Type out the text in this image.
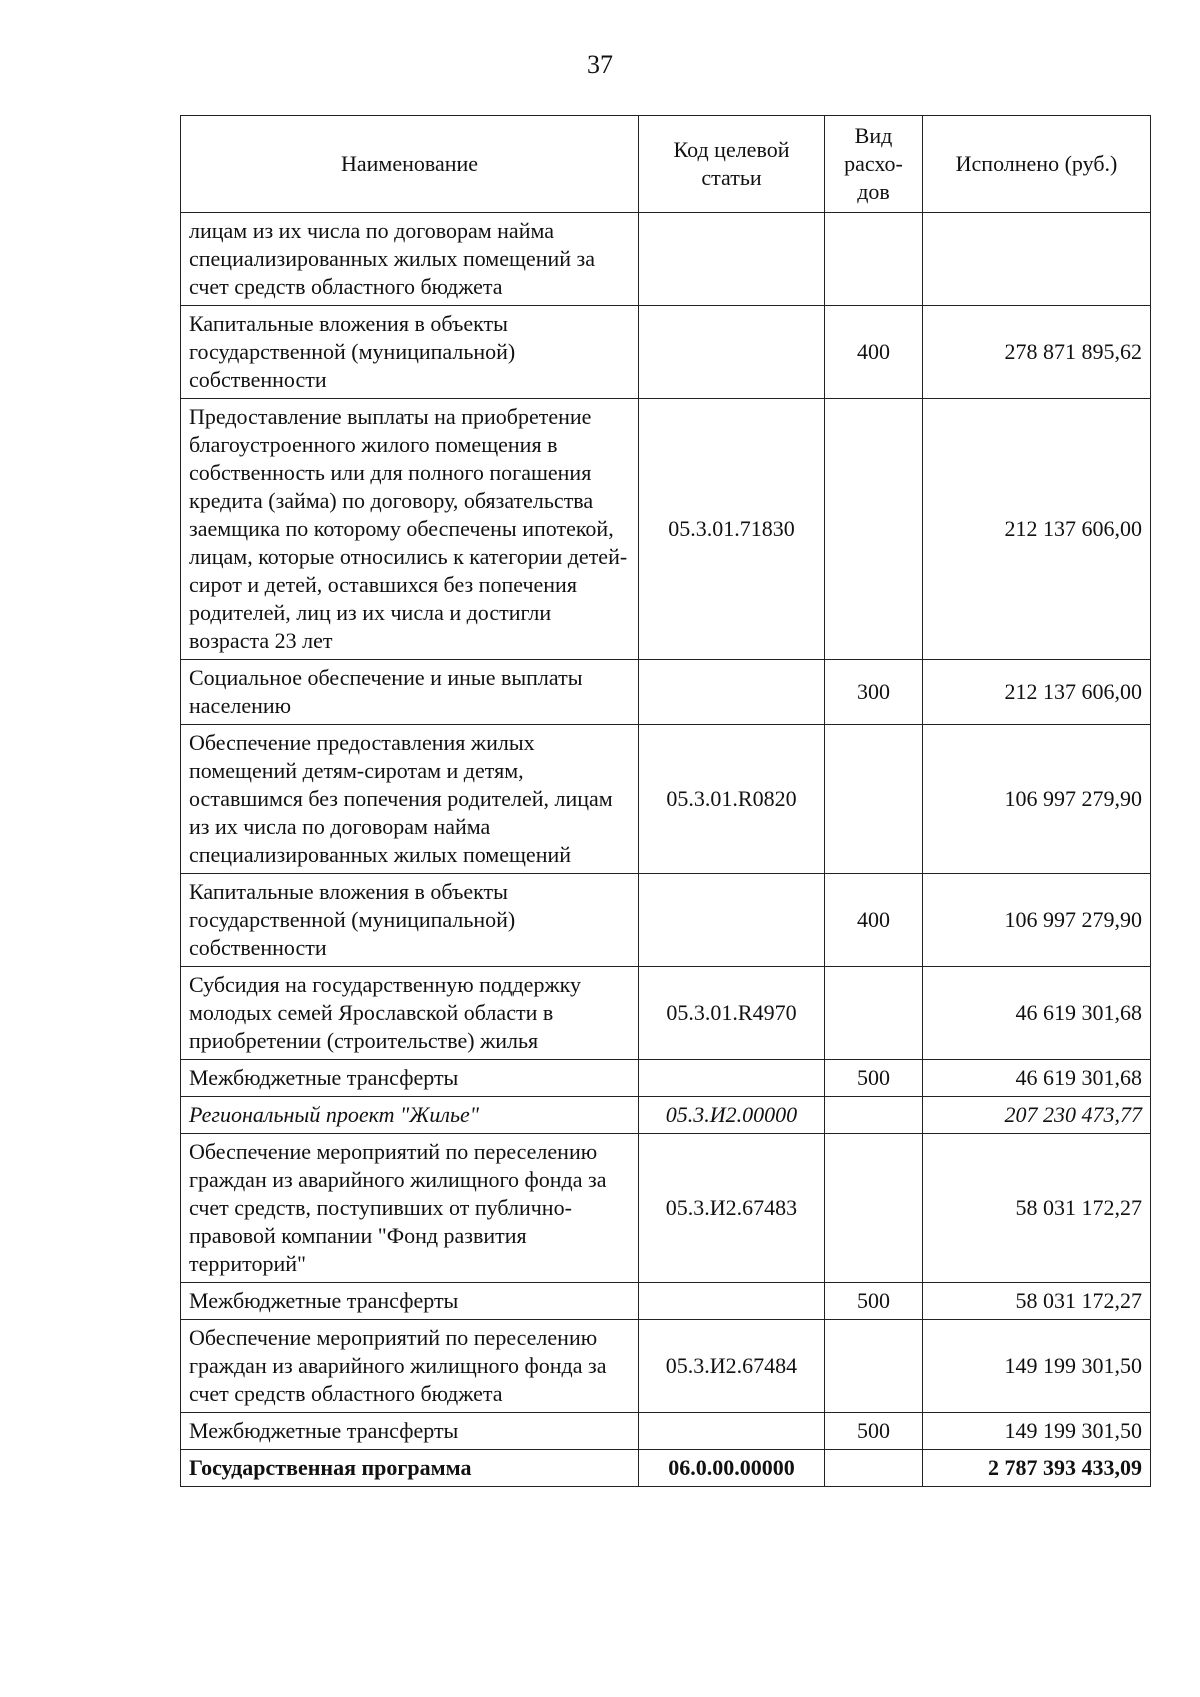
37
Наименование	Код целевой статьи	Вид расхо-дов	Исполнено (руб.)
лицам из их числа по договорам найма специализированных жилых помещений за счет средств областного бюджета			
Капитальные вложения в объекты государственной (муниципальной) собственности		400	278 871 895,62
Предоставление выплаты на приобретение благоустроенного жилого помещения в собственность или для полного погашения кредита (займа) по договору, обязательства заемщика по которому обеспечены ипотекой, лицам, которые относились к категории детей-сирот и детей, оставшихся без попечения родителей, лиц из их числа и достигли возраста 23 лет	05.3.01.71830		212 137 606,00
Социальное обеспечение и иные выплаты населению		300	212 137 606,00
Обеспечение предоставления жилых помещений детям-сиротам и детям, оставшимся без попечения родителей, лицам из их числа по договорам найма специализированных жилых помещений	05.3.01.R0820		106 997 279,90
Капитальные вложения в объекты государственной (муниципальной) собственности		400	106 997 279,90
Субсидия на государственную поддержку молодых семей Ярославской области в приобретении (строительстве) жилья	05.3.01.R4970		46 619 301,68
Межбюджетные трансферты		500	46 619 301,68
Региональный проект "Жилье"	05.3.И2.00000		207 230 473,77
Обеспечение мероприятий по переселению граждан из аварийного жилищного фонда за счет средств, поступивших от публично-правовой компании "Фонд развития территорий"	05.3.И2.67483		58 031 172,27
Межбюджетные трансферты		500	58 031 172,27
Обеспечение мероприятий по переселению граждан из аварийного жилищного фонда за счет средств областного бюджета	05.3.И2.67484		149 199 301,50
Межбюджетные трансферты		500	149 199 301,50
Государственная программа	06.0.00.00000		2 787 393 433,09
